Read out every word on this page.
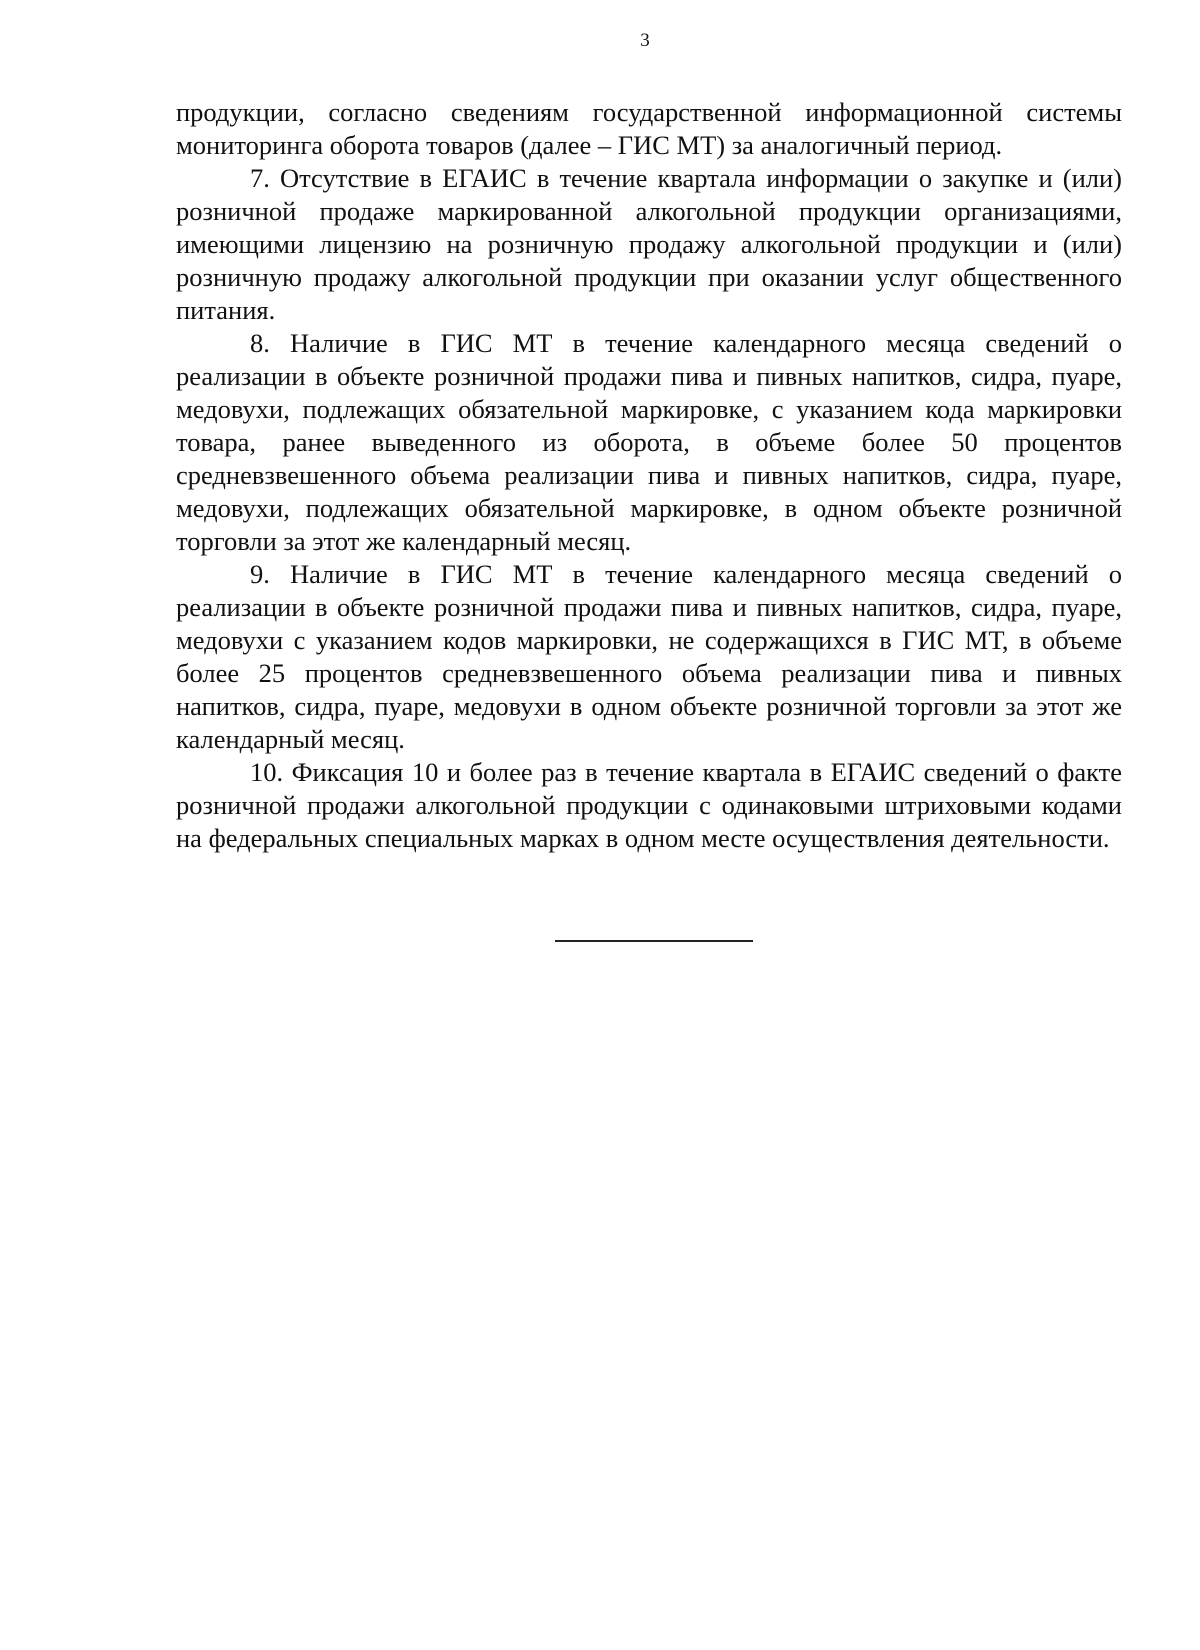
3

продукции, согласно сведениям государственной информационной системы мониторинга оборота товаров (далее – ГИС МТ) за аналогичный период.

7. Отсутствие в ЕГАИС в течение квартала информации о закупке и (или) розничной продаже маркированной алкогольной продукции организациями, имеющими лицензию на розничную продажу алкогольной продукции и (или) розничную продажу алкогольной продукции при оказании услуг общественного питания.

8. Наличие в ГИС МТ в течение календарного месяца сведений о реализации в объекте розничной продажи пива и пивных напитков, сидра, пуаре, медовухи, подлежащих обязательной маркировке, с указанием кода маркировки товара, ранее выведенного из оборота, в объеме более 50 процентов средневзвешенного объема реализации пива и пивных напитков, сидра, пуаре, медовухи, подлежащих обязательной маркировке, в одном объекте розничной торговли за этот же календарный месяц.

9. Наличие в ГИС МТ в течение календарного месяца сведений о реализации в объекте розничной продажи пива и пивных напитков, сидра, пуаре, медовухи с указанием кодов маркировки, не содержащихся в ГИС МТ, в объеме более 25 процентов средневзвешенного объема реализации пива и пивных напитков, сидра, пуаре, медовухи в одном объекте розничной торговли за этот же календарный месяц.

10. Фиксация 10 и более раз в течение квартала в ЕГАИС сведений о факте розничной продажи алкогольной продукции с одинаковыми штриховыми кодами на федеральных специальных марках в одном месте осуществления деятельности.
